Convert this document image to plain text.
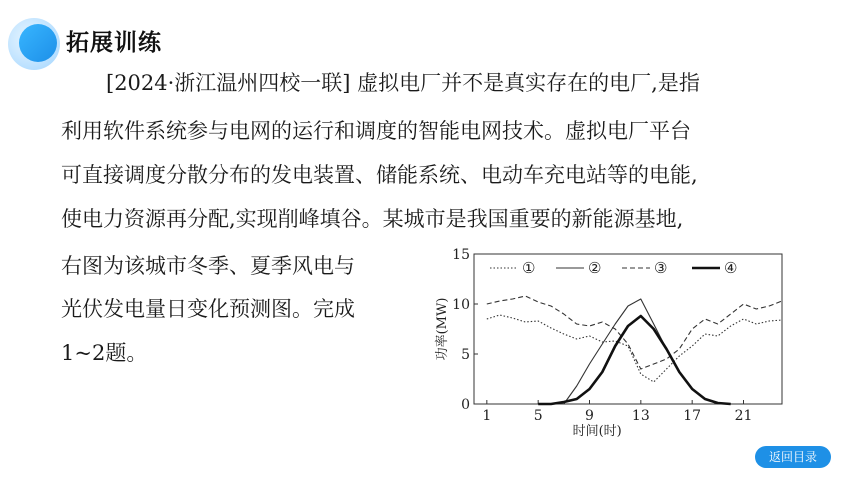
拓展训练
[2024·浙江温州四校一联] 虚拟电厂并不是真实存在的电厂,是指
利用软件系统参与电网的运行和调度的智能电网技术。虚拟电厂平台
可直接调度分散分布的发电装置、储能系统、电动车充电站等的电能,
使电力资源再分配,实现削峰填谷。某城市是我国重要的新能源基地,
右图为该城市冬季、夏季风电与
光伏发电量日变化预测图。完成
1~2题。
0
5
10
15
1	5	9	13 17 21
时间(时)
功率(MW)
①	②	③	④
返回目录
